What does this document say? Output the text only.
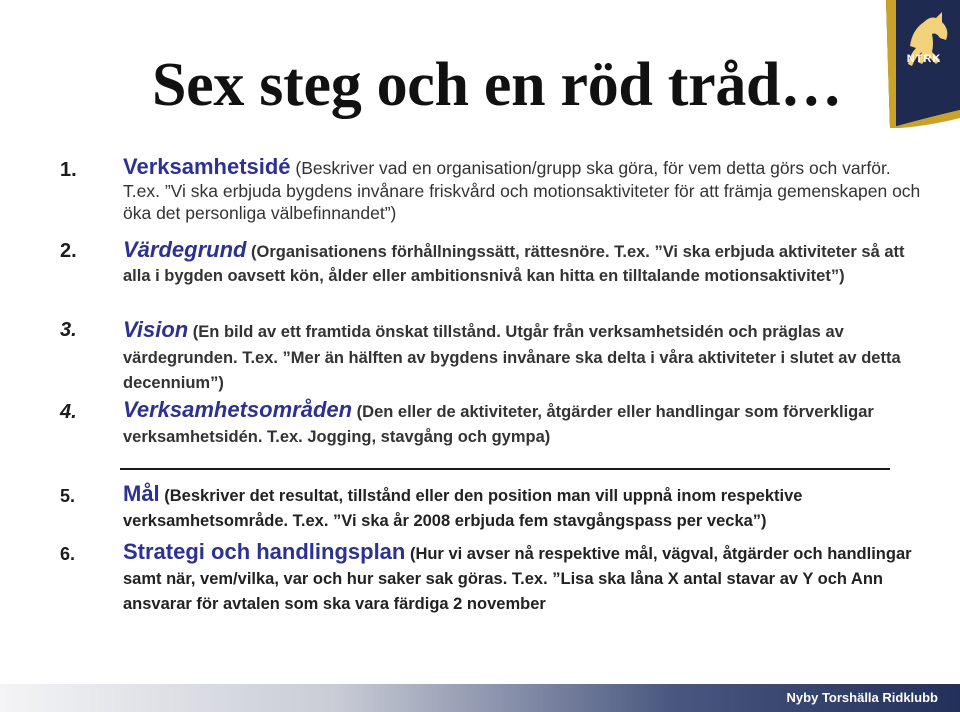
Sex steg och en röd tråd…	NTRK
1. Verksamhetsidé (Beskriver vad en organisation/grupp ska göra, för vem detta görs och varför. T.ex. ”Vi ska erbjuda bygdens invånare friskvård och motionsaktiviteter för att främja gemenskapen och öka det personliga välbefinnandet”)
2. Värdegrund (Organisationens förhållningssätt, rättesnöre. T.ex. ”Vi ska erbjuda aktiviteter så att alla i bygden oavsett kön, ålder eller ambitionsnivå kan hitta en tilltalande motionsaktivitet”)
3. Vision (En bild av ett framtida önskat tillstånd. Utgår från verksamhetsidén och präglas av värdegrunden. T.ex. ”Mer än hälften av bygdens invånare ska delta i våra aktiviteter i slutet av detta decennium”)
4. Verksamhetsområden (Den eller de aktiviteter, åtgärder eller handlingar som förverkligar verksamhetsidén. T.ex. Jogging, stavgång och gympa)
5. Mål (Beskriver det resultat, tillstånd eller den position man vill uppnå inom respektive verksamhetsområde. T.ex. ”Vi ska år 2008 erbjuda fem stavgångspass per vecka”)
6. Strategi och handlingsplan (Hur vi avser nå respektive mål, vägval, åtgärder och handlingar samt när, vem/vilka, var och hur saker sak göras. T.ex. ”Lisa ska låna X antal stavar av Y och Ann ansvarar för avtalen som ska vara färdiga 2 november
Nyby Torshälla Ridklubb
